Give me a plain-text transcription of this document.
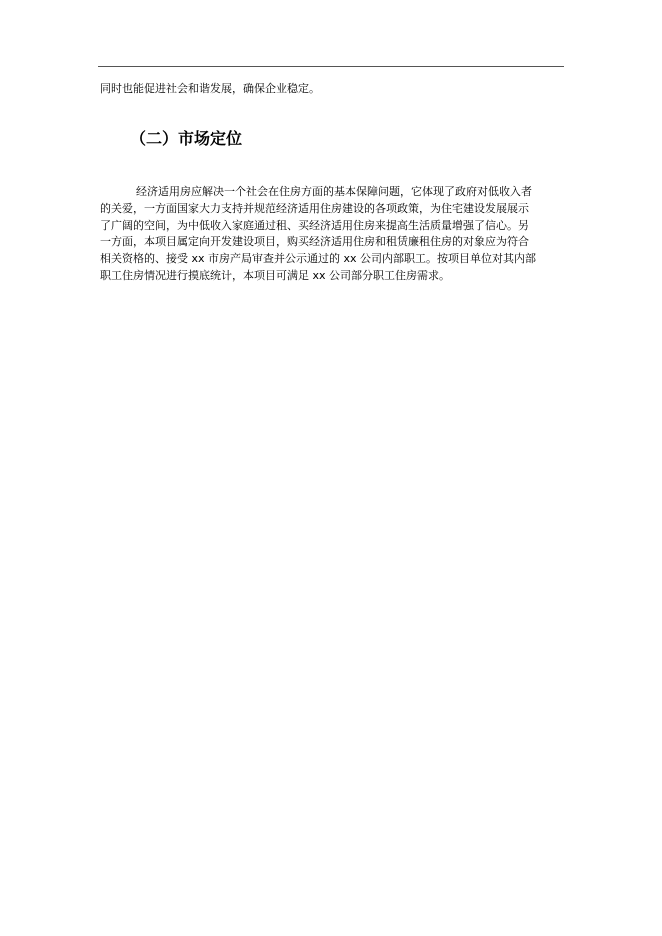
同时也能促进社会和谐发展，确保企业稳定。
（二）市场定位
经济适用房应解决一个社会在住房方面的基本保障问题，它体现了政府对低收入者
的关爱，一方面国家大力支持并规范经济适用住房建设的各项政策，为住宅建设发展展示
了广阔的空间，为中低收入家庭通过租、买经济适用住房来提高生活质量增强了信心。另
一方面，本项目属定向开发建设项目，购买经济适用住房和租赁廉租住房的对象应为符合
相关资格的、接受 xx 市房产局审查并公示通过的 xx 公司内部职工。按项目单位对其内部
职工住房情况进行摸底统计，本项目可满足 xx 公司部分职工住房需求。
